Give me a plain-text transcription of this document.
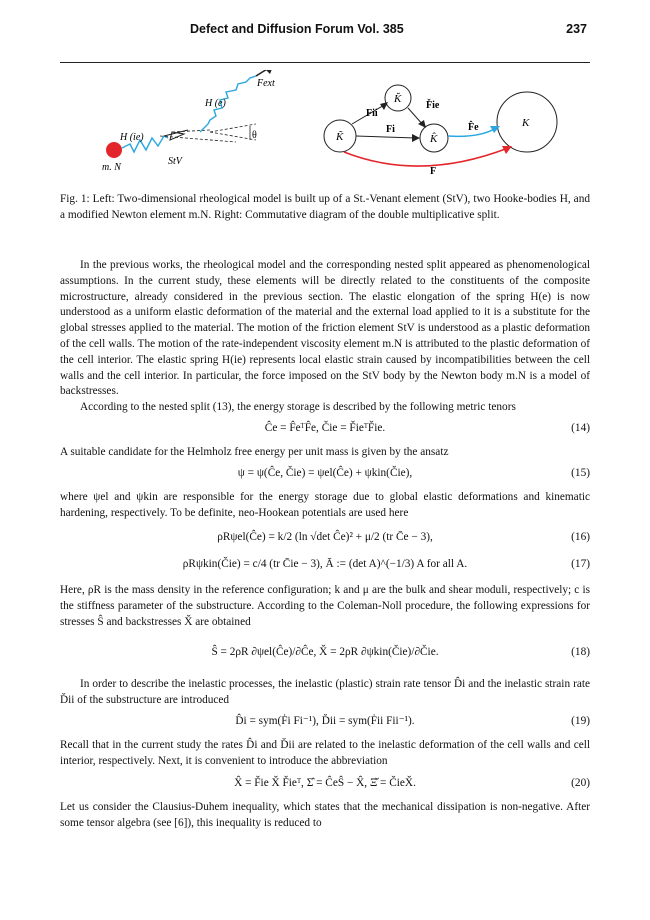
Defect and Diffusion Forum Vol. 385	237
Fext
H (e)
H (ie)
StV
m. N
θ	K̃
K̆
K̂
K
Fii
Fi
F̌ie
F̂e
F

Fig. 1: Left: Two-dimensional rheological model is built up of a St.-Venant element (StV), two Hooke-bodies H, and a modified Newton element m.N. Right: Commutative diagram of the double multiplicative split.

In the previous works, the rheological model and the corresponding nested split appeared as phenomenological assumptions. In the current study, these elements will be directly related to the constituents of the composite microstructure, already considered in the previous section. The elastic elongation of the spring H(e) is now understood as a uniform elastic deformation of the material and the external load applied to it is a substitute for the global stresses applied to the material. The motion of the friction element StV is understood as a plastic deformation of the cell walls. The motion of the rate-independent viscosity element m.N is attributed to the plastic deformation of the cell interior. The elastic spring H(ie) represents local elastic strain caused by incompatibilities between the cell walls and the cell interior. In particular, the force imposed on the StV body by the Newton body m.N is a model of backstresses.

According to the nested split (13), the energy storage is described by the following metric tenors

Ĉe = F̂eᵀF̂e, Čie = F̌ieᵀF̌ie.	(14)

A suitable candidate for the Helmholz free energy per unit mass is given by the ansatz

ψ = ψ(Ĉe, Čie) = ψel(Ĉe) + ψkin(Čie),	(15)

where ψel and ψkin are responsible for the energy storage due to global elastic deformations and kinematic hardening, respectively. To be definite, neo-Hookean potentials are used here

ρRψel(Ĉe) = k/2 (ln √det Ĉe)² + μ/2 (tr C̄e − 3),	(16)
ρRψkin(Čie) = c/4 (tr C̄ie − 3), Ā := (det A)^(−1/3) A for all A.	(17)

Here, ρR is the mass density in the reference configuration; k and μ are the bulk and shear moduli, respectively; c is the stiffness parameter of the substructure. According to the Coleman-Noll procedure, the following expressions for stresses Ŝ and backstresses X̌ are obtained

Ŝ = 2ρR ∂ψel(Ĉe)/∂Ĉe, X̌ = 2ρR ∂ψkin(Čie)/∂Čie.	(18)

In order to describe the inelastic processes, the inelastic (plastic) strain rate tensor D̂i and the inelastic strain rate D̆ii of the substructure are introduced

D̂i = sym(Ḟi Fi⁻¹), D̆ii = sym(Ḟii Fii⁻¹).	(19)

Recall that in the current study the rates D̂i and D̆ii are related to the inelastic deformation of the cell walls and cell interior, respectively. Next, it is convenient to introduce the abbreviation

X̂ = F̌ie X̌ F̌ieᵀ, Σ̂ = ĈeŜ − X̂, Ξ̌ = ČieX̌.	(20)

Let us consider the Clausius-Duhem inequality, which states that the mechanical dissipation is non-negative. After some tensor algebra (see [6]), this inequality is reduced to
